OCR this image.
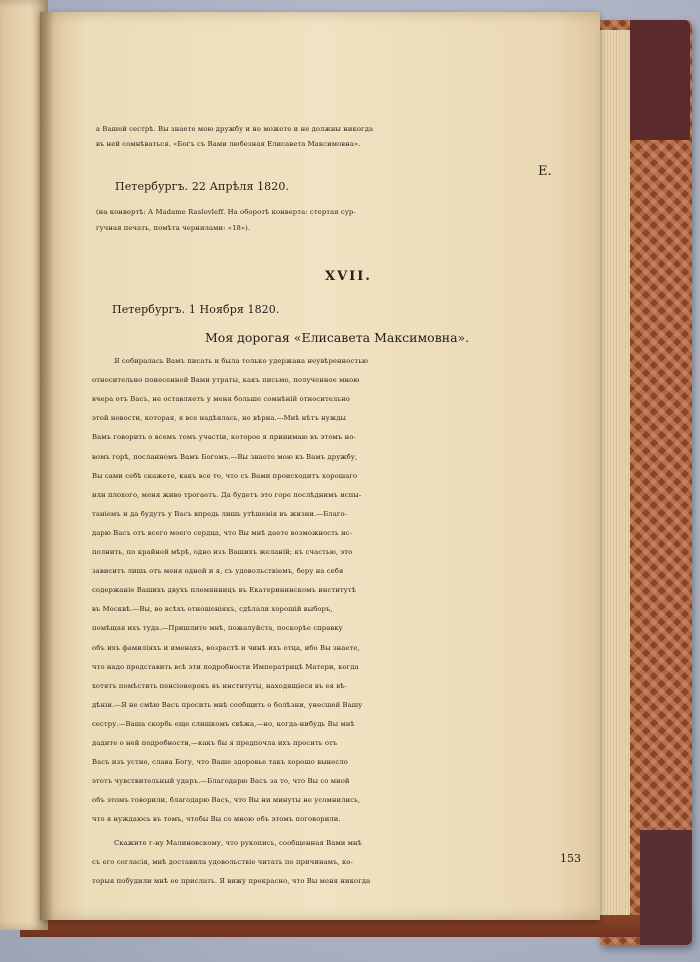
а Вашей сестрѣ. Вы знаете мою дружбу и не можете и не должны никогда
въ ней сомнѣваться. «Богъ съ Вами любезная Елисавета Максимовна».
Е.
Петербургъ. 22 Апрѣля 1820.
(на конвертѣ: A Madame Raslovleff. На оборотѣ конверта: стертая сур-
гучная печать, помѣта чернилами: «18»).
XVII.
Петербургъ. 1 Ноября 1820.
Моя дорогая «Елисавета Максимовна».
Я собиралась Вамъ писать и была только удержана неувѣренностью
относительно понесенной Вами утраты, какъ письмо, полученное мною
вчера отъ Васъ, не оставляетъ у меня больше сомнѣній относительно
этой новости, которая, я все надѣялась, не вѣрна.—Мнѣ нѣтъ нужды
Вамъ говорить о всемъ томъ участіи, которое я принимаю въ этомъ но-
вомъ горѣ, посланномъ Вамъ Богомъ.—Вы знаете мою къ Вамъ дружбу,
Вы сами себѣ скажете, какъ все то, что съ Вами происходитъ хорошаго
или плохого, меня живо трогаетъ. Да будетъ это горе послѣднимъ испы-
таніемъ и да будутъ у Васъ впредь лишь утѣшенія въ жизни.—Благо-
дарю Васъ отъ всего моего сердца, что Вы мнѣ даете возможность ис-
полнить, по крайней мѣрѣ, одно изъ Вашихъ желаній; къ счастью, это
зависитъ лишь отъ меня одной и я, съ удовольствіемъ, беру на себя
содержаніе Вашихъ двухъ племянницъ въ Екатерининскомъ институтѣ
въ Москвѣ.—Вы, во всѣхъ отношеніяхъ, сдѣлали хорошій выборъ,
помѣщая ихъ туда.—Пришлите мнѣ, пожалуйста, поскорѣе справку
объ ихъ фамиліяхъ и именахъ, возрастѣ и чинѣ ихъ отца, ибо Вы знаете,
что надо представить всѣ эти подробности Императрицѣ Матери, когда
хотятъ помѣстить пенсіонерокъ въ институты, находящіеся въ ея вѣ-
дѣніи.—Я не смѣю Васъ просить мнѣ сообщить о болѣзни, унесшей Вашу
сестру.—Ваша скорбь еще слишкомъ свѣжа,—но, когда-нибудь Вы мнѣ
дадите о ней подробности,—какъ бы я предпочла ихъ просить отъ
Васъ изъ устно, слава Богу, что Ваше здоровье такъ хорошо вынесло
этотъ чувствительный ударъ.—Благодарю Васъ за то, что Вы со мной
объ этомъ говорили, благодарю Васъ, что Вы ни минуты не усомнились,
что я нуждаюсь въ томъ, чтобы Вы со мною объ этомъ поговорили.
Скажите г-ну Малиновскому, что рукопись, сообщенная Вами мнѣ
съ его согласія, мнѣ доставила удовольствіе читать по причинамъ, ко-
торыя побудили мнѣ ее прислать. Я вижу прекрасно, что Вы меня никогда
153
